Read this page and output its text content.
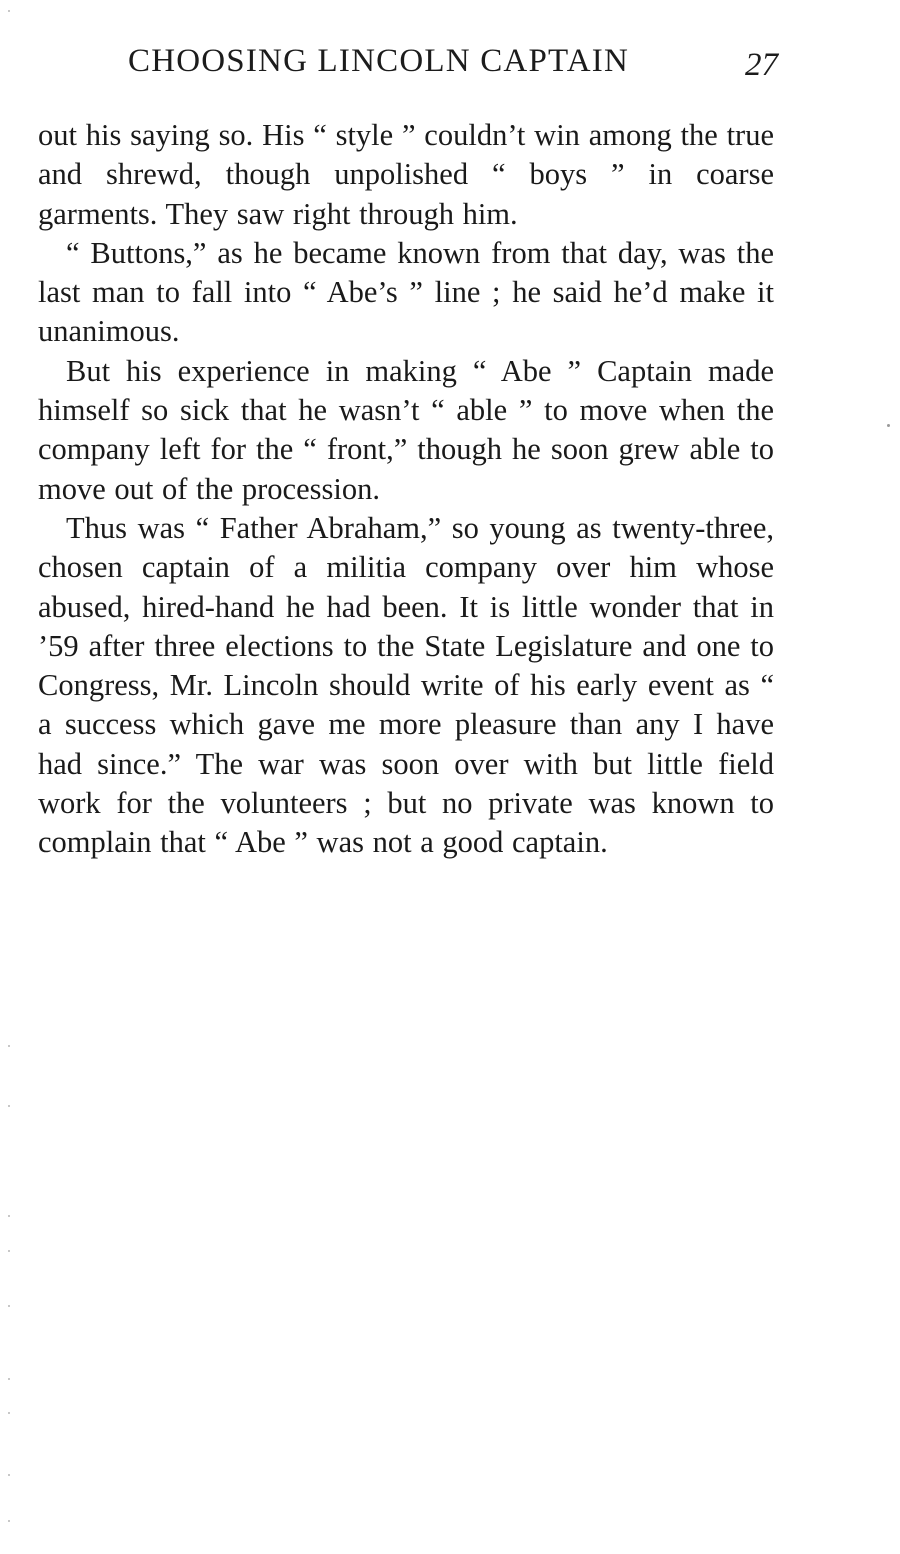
CHOOSING LINCOLN CAPTAIN	27

out his saying so. His “ style ” couldn’t win among the true and shrewd, though unpolished “ boys ” in coarse garments. They saw right through him.

“ Buttons,” as he became known from that day, was the last man to fall into “ Abe’s ” line ; he said he’d make it unanimous.

But his experience in making “ Abe ” Captain made himself so sick that he wasn’t “ able ” to move when the company left for the “ front,” though he soon grew able to move out of the procession.

Thus was “ Father Abraham,” so young as twenty-three, chosen captain of a militia company over him whose abused, hired-hand he had been. It is little wonder that in ’59 after three elections to the State Legislature and one to Congress, Mr. Lincoln should write of his early event as “ a success which gave me more pleasure than any I have had since.” The war was soon over with but little field work for the volunteers ; but no private was known to complain that “ Abe ” was not a good captain.
